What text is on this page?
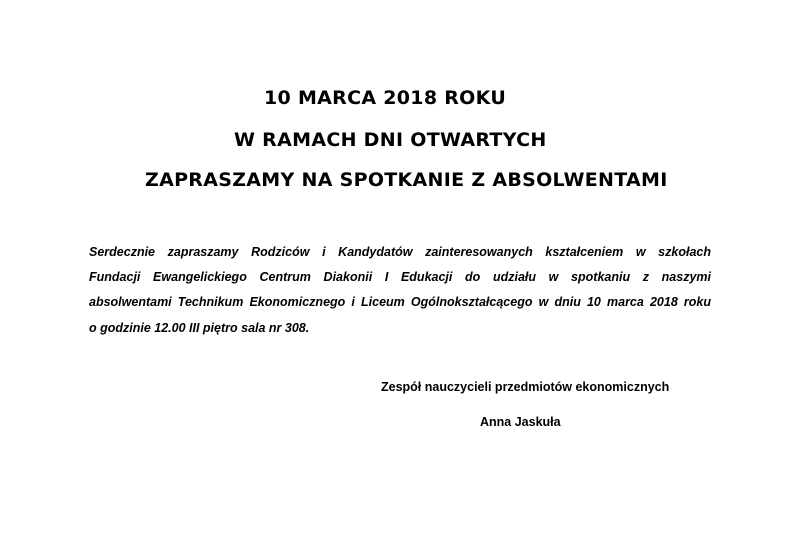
10 MARCA 2018 ROKU
W RAMACH DNI OTWARTYCH
ZAPRASZAMY NA SPOTKANIE Z ABSOLWENTAMI
Serdecznie zapraszamy Rodziców i Kandydatów zainteresowanych kształceniem w szkołach
Fundacji Ewangelickiego Centrum Diakonii I Edukacji do udziału w spotkaniu z naszymi
absolwentami Technikum Ekonomicznego i Liceum Ogólnokształcącego w dniu 10 marca 2018 roku
o godzinie 12.00 III piętro sala nr 308.
Zespół nauczycieli przedmiotów ekonomicznych
Anna Jaskuła
